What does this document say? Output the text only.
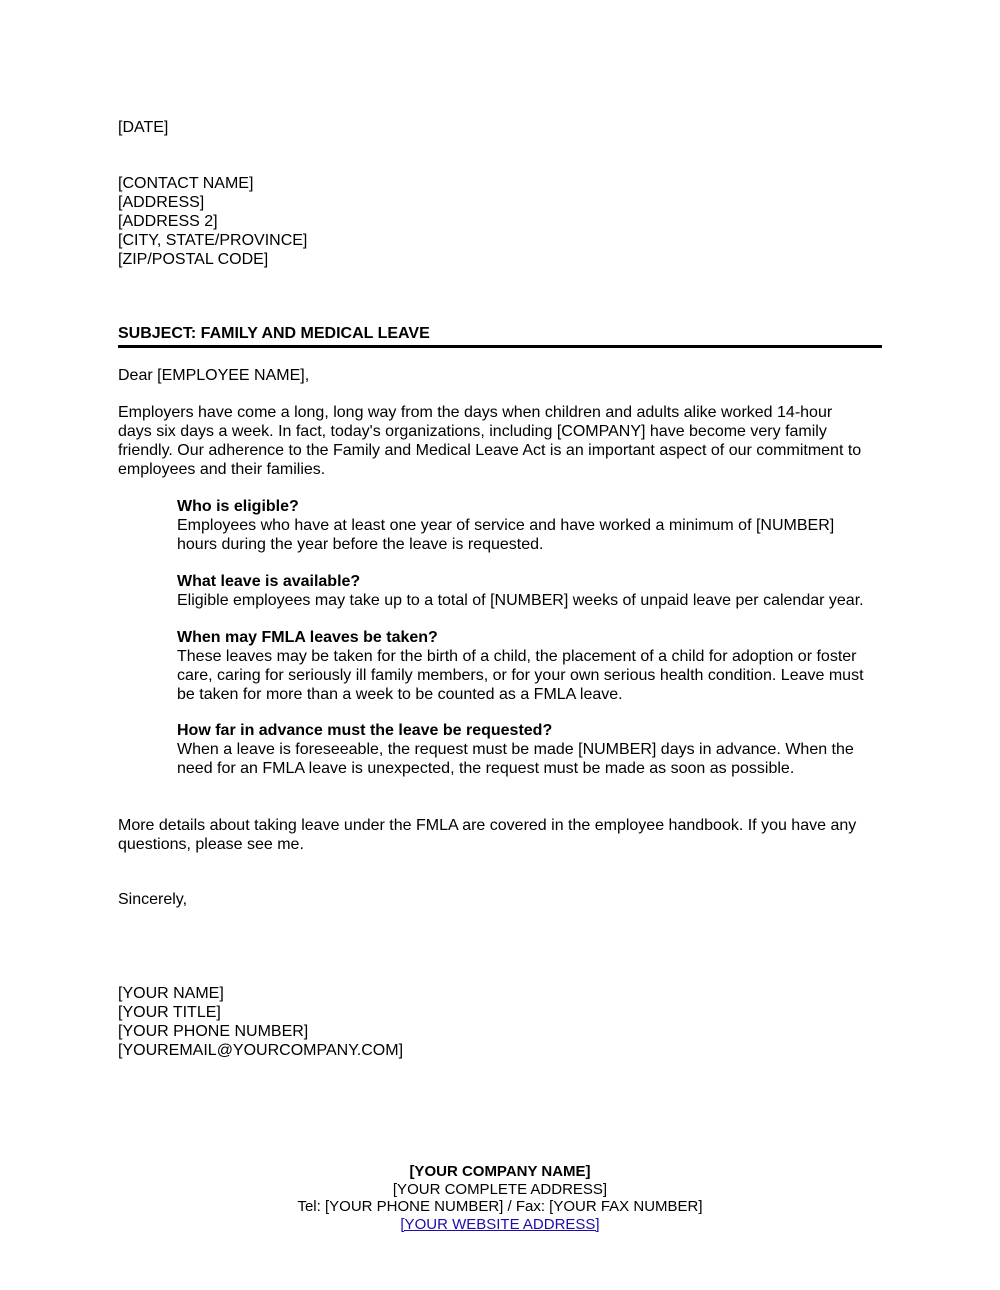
[DATE]
[CONTACT NAME]
[ADDRESS]
[ADDRESS 2]
[CITY, STATE/PROVINCE]
[ZIP/POSTAL CODE]
SUBJECT: FAMILY AND MEDICAL LEAVE
Dear [EMPLOYEE NAME],
Employers have come a long, long way from the days when children and adults alike worked 14-hour
days six days a week. In fact, today's organizations, including [COMPANY] have become very family
friendly. Our adherence to the Family and Medical Leave Act is an important aspect of our commitment to
employees and their families.
Who is eligible?
Employees who have at least one year of service and have worked a minimum of [NUMBER]
hours during the year before the leave is requested.
What leave is available?
Eligible employees may take up to a total of [NUMBER] weeks of unpaid leave per calendar year.
When may FMLA leaves be taken?
These leaves may be taken for the birth of a child, the placement of a child for adoption or foster
care, caring for seriously ill family members, or for your own serious health condition. Leave must
be taken for more than a week to be counted as a FMLA leave.
How far in advance must the leave be requested?
When a leave is foreseeable, the request must be made [NUMBER] days in advance. When the
need for an FMLA leave is unexpected, the request must be made as soon as possible.
More details about taking leave under the FMLA are covered in the employee handbook. If you have any
questions, please see me.
Sincerely,
[YOUR NAME]
[YOUR TITLE]
[YOUR PHONE NUMBER]
[YOUREMAIL@YOURCOMPANY.COM]
[YOUR COMPANY NAME]
[YOUR COMPLETE ADDRESS]
Tel: [YOUR PHONE NUMBER] / Fax: [YOUR FAX NUMBER]
[YOUR WEBSITE ADDRESS]
